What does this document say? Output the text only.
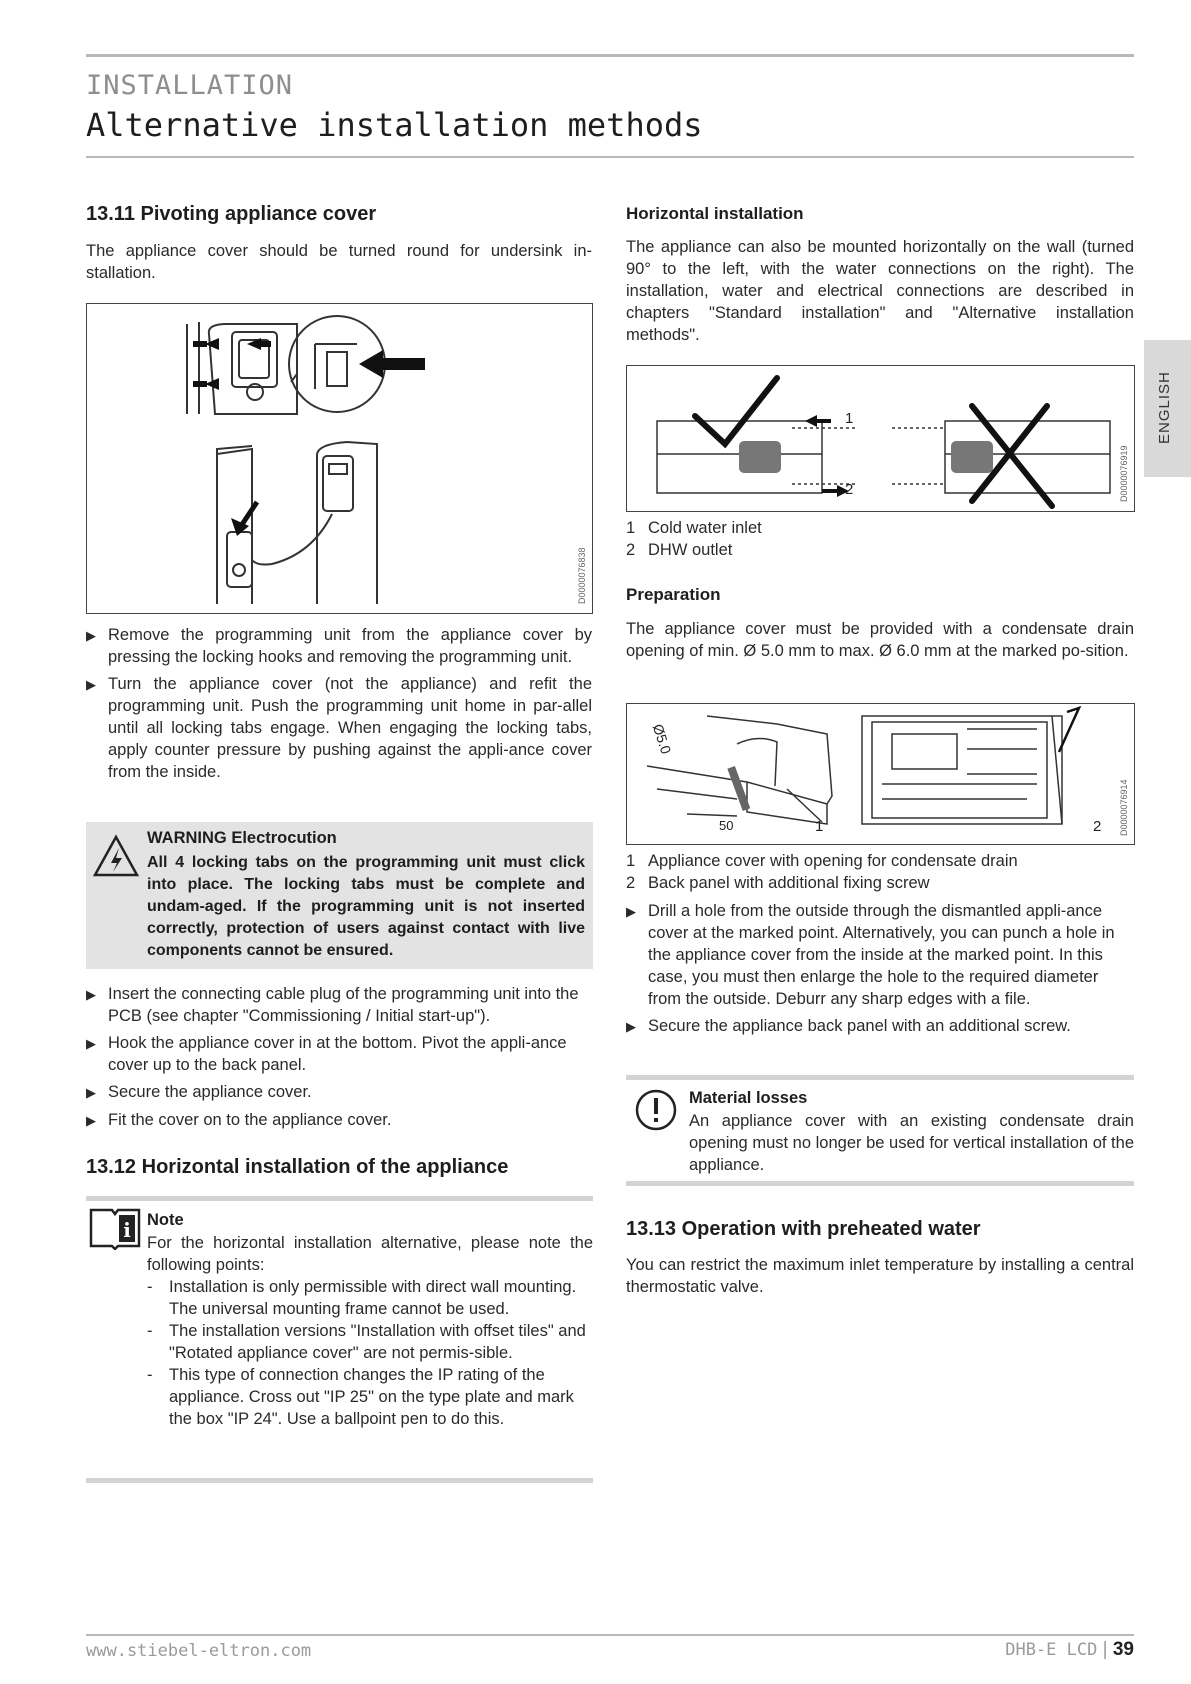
INSTALLATION
Alternative installation methods
ENGLISH
13.11 Pivoting appliance cover
The appliance cover should be turned round for undersink in-stallation.
D0000076838
▶ Remove the programming unit from the appliance cover by pressing the locking hooks and removing the programming unit.
▶ Turn the appliance cover (not the appliance) and refit the programming unit. Push the programming unit home in par-allel until all locking tabs engage. When engaging the locking tabs, apply counter pressure by pushing against the appli-ance cover from the inside.
WARNING Electrocution
All 4 locking tabs on the programming unit must click into place. The locking tabs must be complete and undam-aged. If the programming unit is not inserted correctly, protection of users against contact with live components cannot be ensured.
▶ Insert the connecting cable plug of the programming unit into the PCB (see chapter "Commissioning / Initial start-up").
▶ Hook the appliance cover in at the bottom. Pivot the appli-ance cover up to the back panel.
▶ Secure the appliance cover.
▶ Fit the cover on to the appliance cover.
13.12 Horizontal installation of the appliance
i Note
For the horizontal installation alternative, please note the following points:
-	Installation is only permissible with direct wall mounting. The universal mounting frame cannot be used.
-	The installation versions "Installation with offset tiles" and "Rotated appliance cover" are not permis-sible.
-	This type of connection changes the IP rating of the appliance. Cross out "IP 25" on the type plate and mark the box "IP 24". Use a ballpoint pen to do this.
Horizontal installation
The appliance can also be mounted horizontally on the wall (turned 90° to the left, with the water connections on the right). The installation, water and electrical connections are described in chapters "Standard installation" and "Alternative installation methods".
1
2	D0000076919
1 Cold water inlet
2 DHW outlet
Preparation
The appliance cover must be provided with a condensate drain opening of min. Ø 5.0 mm to max. Ø 6.0 mm at the marked po-sition.
Ø5.0
50	1	2 D0000076914
1 Appliance cover with opening for condensate drain
2 Back panel with additional fixing screw
▶ Drill a hole from the outside through the dismantled appli-ance cover at the marked point. Alternatively, you can punch a hole in the appliance cover from the inside at the marked point. In this case, you must then enlarge the hole to the required diameter from the outside. Deburr any sharp edges with a file.
▶ Secure the appliance back panel with an additional screw.
Material losses
An appliance cover with an existing condensate drain opening must no longer be used for vertical installation of the appliance.
13.13 Operation with preheated water
You can restrict the maximum inlet temperature by installing a central thermostatic valve.
www.stiebel-eltron.com	DHB-E LCD | 39
